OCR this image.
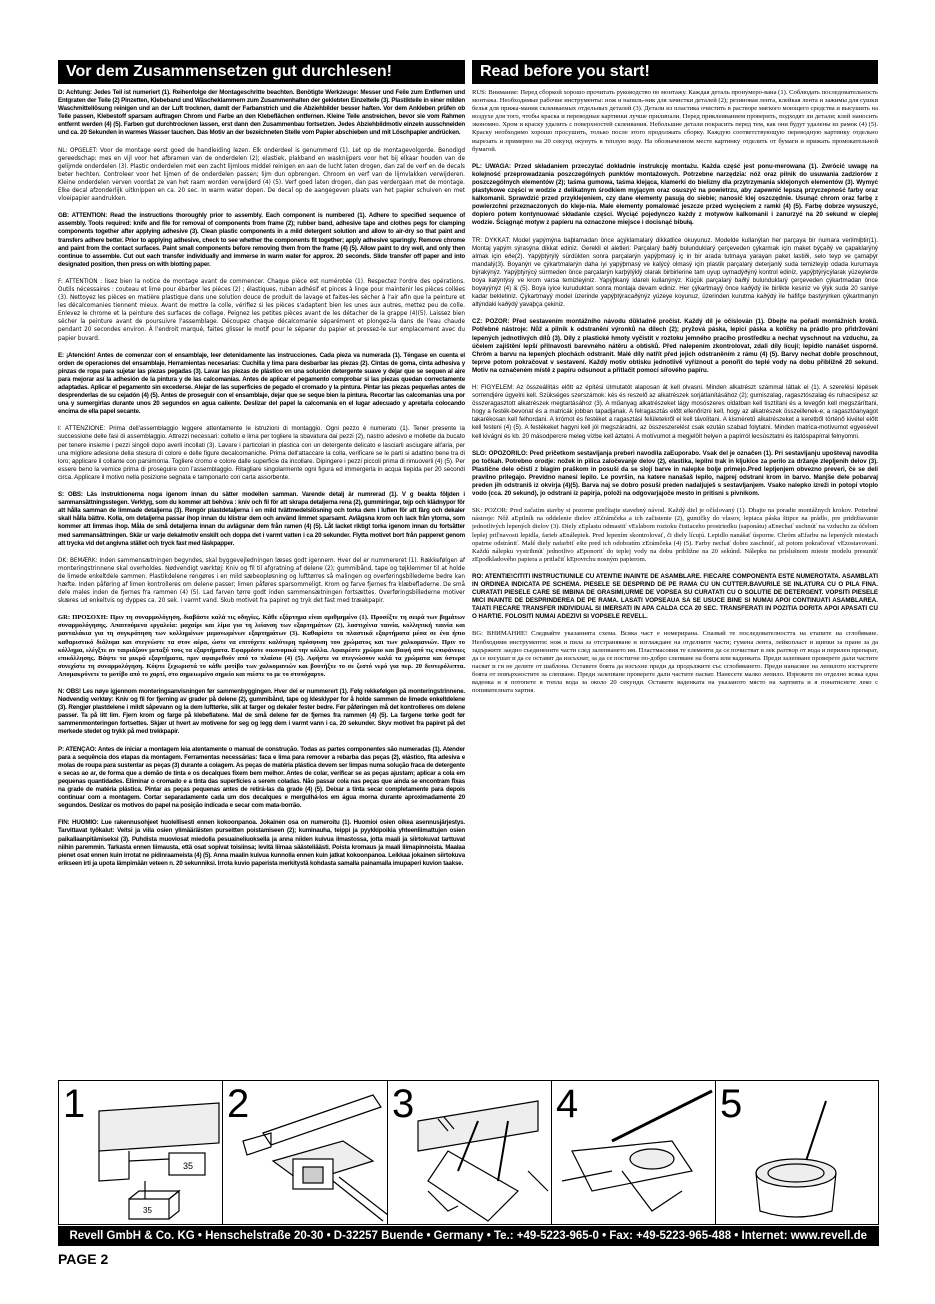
Vor dem Zusammensetzen gut durchlesen!	Read before you start!

D: Achtung: Jedes Teil ist numeriert (1). Reihenfolge der Montageschritte beachten. Benötigte Werkzeuge: Messer und Feile zum Entfernen und Entgraten der Teile (2) Pinzetten, Klebeband und Wäscheklammern zum Zusammenhalten der geklebten Einzelteile (3). Plastikteile in einer milden Waschmittellösung reinigen und an der Luft trocknen, damit der Farbanstrich und die Abziehbilder besser haften. Vor dem Ankleben prüfen ob Teile passen, Klebestoff sparsam auftragen Chrom und Farbe an den Klebeflächen entfernen. Kleine Teile anstreichen, bevor sie vom Rahmen entfernt werden (4) (5). Farben gut durchtrocknen lassen, erst dann den Zusammenbau fortsetzen. Jedes Abziehbildmotiv einzeln ausschneiden und ca. 20 Sekunden in warmes Wasser tauchen. Das Motiv an der bezeichneten Stelle vom Papier abschieben und mit Löschpapier andrücken.

NL: OPGELET: Voor de montage eerst goed de handleiding lezen. Elk onderdeel is genummerd (1). Let op de montagevolgorde. Benodigd gereedschap: mes en vijl voor het afbramen van de onderdelen (2); elastiek, plakband en wasknijpers voor het bij elkaar houden van de gelijmde onderdelen (3). Plastic onderdelen met een zacht lijmloos middel reinigen en aan de lucht laten drogen, dan zal de verf en de decals beter hechten. Controleer voor het lijmen of de onderdelen passen; lijm dun opbrengen. Chroom en verf van de lijmvlakken verwijderen. Kleine onderdelen verven voordat ze van het raam worden verwijderd (4) (5). Verf goed laten drogen, dan pas verdergaan met de montage. Elke decal afzonderlijk uitknippen en ca. 20 sec. in warm water dopen. De decal op de aangegeven plaats van het papier schuiven en met vloeipapier aandrukken.

GB: ATTENTION: Read the instructions thoroughly prior to assembly. Each component is numbered (1). Adhere to specified sequence of assembly. Tools required: knife and file for removal of components from frame (2); rubber band, adhesive tape and clothes pegs for clamping components together after applying adhesive (3). Clean plastic components in a mild detergent solution and allow to air-dry so that paint and transfers adhere better. Prior to applying adhesive, check to see whether the components fit together; apply adhesive sparingly. Remove chrome and paint from the contact surfaces. Paint small components before removing them from the frame (4) (5). Allow paint to dry well, and only then continue to assemble. Cut out each transfer individually and immerse in warm water for approx. 20 seconds. Slide transfer off paper and into designated position, then press on with blotting paper.

F: ATTENTION : lisez bien la notice de montage avant de commencer. Chaque pièce est numérotée (1). Respectez l'ordre des opérations. Outils nécessaires : couteau et lime pour ébarber les pièces (2) ; élastiques, ruban adhésif et pinces à linge pour maintenir les pièces collées (3). Nettoyez les pièces en matière plastique dans une solution douce de produit de lavage et faites-les sécher à l'air afin que la peinture et les décalcomanies tiennent mieux. Avant de mettre la colle, vérifiez si les pièces s'adaptent bien les unes aux autres, mettez peu de colle. Enlevez le chrome et la peinture des surfaces de collage. Peignez les petites pièces avant de les détacher de la grappe (4)(5). Laissez bien sécher la peinture avant de poursuivre l'assemblage. Découpez chaque décalcomanie séparément et plongez-la dans de l'eau chaude pendant 20 secondes environ. À l'endroit marqué, faites glisser le motif pour le séparer du papier et pressez-le sur emplacement avec du papier buvard.

E: ¡Atención! Antes de comenzar con el ensamblaje, leer detenidamente las instrucciones. Cada pieza va numerada (1). Téngase en cuenta el orden de operaciones del ensamblaje. Herramientas necesarias: Cuchilla y lima para desbarbar las piezas (2). Cintas de goma, cinta adhesiva y pinzas de ropa para sujetar las piezas pegadas (3). Lavar las piezas de plástico en una solución detergente suave y dejar que se sequen al aire para mejorar así la adhesión de la pintura y de las calcomanías. Antes de aplicar el pegamento comprobar si las piezas quedan correctamente adaptadas. Aplicar el pegamento sin excederse. Alejar de las superficies de pegado el cromado y la pintura. Pintar las piezas pequeñas antes de desprenderlas de su cejadón (4) (5). Antes de proseguir con el ensamblaje, dejar que se seque bien la pintura. Recortar las calcomanías una por una y sumergirlas durante unos 20 segundos en agua caliente. Deslizar del papel la calcomanía en el lugar adecuado y apretarla colocando encima de ella papel secante.

I: ATTENZIONE: Prima dell'assemblaggio leggere attentamente le istruzioni di montaggio. Ogni pezzo è numerato (1). Tener presente la successione delle fasi di assemblaggio. Attrezzi necessari: coltello e lima per togliere la sbavatura dai pezzi (2), nastro adesivo e mollette da bucato per tenere insieme i pezzi singoli dopo averli incollati (3). Lavare i particolari in plastica con un detergente delicato e lasciarli asciugare all'aria, per una migliore adesione della stesura di colore e delle figure decalcomaniche. Prima dell'attaccare la colla, verificare se le parti si adattino bene tra di loro; applicare il collante con parsimonia. Togliere cromo e colore dalle superficie da incollare. Dipingere i pezzi piccoli prima di rimuoverli (4) (5). Per essere beno la vernice prima di proseguire con l'assemblaggio. Ritagliare singolarmente ogni figura ed immergerla in acqua tiepida per 20 secondi circa. Applicare il motivo nella posizione segnata e tamponarlo con carta assorbente.

S: OBS: Läs instruktionerna noga igenom innan du sätter modellen samman. Varende detalj är numrerad (1). V g beakta följden i sammansättningsstegen. Verktyg, som du kommer att behöva : kniv och fil för att skrapa detaljerna rena (2), gummiringar, tejp och klädnypor för att hålla samman de limmade detaljerna (3). Rengör plastdetaljerna i en mild tvättmedelslösning och torka dem i luften för att färg och dekaler skall hålla bättre. Kolla, om detaljerna passar ihop innan du klistrar dem och använd limmet sparsamt. Avlägsna krom och lack från ytorna, som kommer att limmas ihop. Måla de små detaljerna innan du avlägsnar dem från ramen (4) (5). Låt lacket riktigt torka igenom innan du fortsätter med sammansättningen. Skär ur varje dekalmotiv enskilt och doppa det i varmt vatten i ca 20 sekunder. Flytta motivet bort från papperet genom att trycka vid det angivna stället och tryck fast med läskpapper.

DK: BEMÆRK: Inden sammensætningen begyndes, skal byggevejledningen læses godt igennem. Hver del er nummereret (1). Rækkefølgen af monteringstrinnene skal overholdes. Nødvendigt værktøj: Kniv og fil til afgratning af delene (2); gummibånd, tape og tøjklemmer til at holde de limede enkeltdele sammen. Plastikdelene rengøres i en mild sæbeopløsning og lufttørres så malingen og overføringsbillederne bedre kan hæfte. Inden påføring af limen kontrolleres om delene passer; limen påføres sparsommeligt. Krom og farve fjernes fra klæbefladerne. De små dele males inden de fjernes fra rammen (4) (5). Lad farven tørre godt inden sammensætningen fortsættes. Overføringsbillederne motiver skæres ud enkeltvis og dyppes ca. 20 sek. i varmt vand. Skub motivet fra papiret og tryk det fast med træakpapir.

GR: ΠΡΟΣΟΧΗ: Πριν τη συναρμολόγηση, διαβάστε καλά τις οδηγίες. Κάθε εξάρτημα είναι αριθμημένο (1). Προσέξτε τη σειρά των βημάτων συναρμολόγησης. Απαιτούμενα εργαλεία: μαχαίρι και λίμα για τη λείανση των εξαρτημάτων (2), λαστιχένια ταινία, κολλητική ταινία και μανταλάκια για τη συγκράτηση των κολλημένων μεμονωμένων εξαρτημάτων (3). Καθαρίστε τα πλαστικά εξαρτήματα μέσα σε ένα ήπιο καθαριστικό διάλυμα και στεγνώστε τα στον αέρα, ώστε να επιτύχετε καλύτερη πρόσφυση του χρώματος και των χαλκομανιών. Πριν το κόλλημα, ελέγξτε αν ταιριάζουν μεταξύ τους τα εξαρτήματα. Εφαρμόστε οικονομικά την κόλλα. Αφαιρέστε χρώμιο και βαφή από τις επιφάνειες επικόλλησης. Βάψτε τα μικρά εξαρτήματα, πριν αφαιρεθούν από το πλαίσιο (4) (5). Αφήστε να στεγνώσουν καλά τα χρώματα και ύστερα συνεχίστε τη συναρμολόγηση. Κόψτε ξεχωριστά το κάθε μοτίβο των χαλκομανιών και βουτήξτε το σε ζεστό νερό για περ. 20 δευτερόλεπτα. Απομακρύνετε το μοτίβο από το χαρτί, στο σημειωμένο σημείο και πιέστε το με το στυπόχαρτο.

N: OBS! Les nøye igjennom monteringsanvisningen før sammenbyggingen. Hver del er nummerert (1). Følg rekkefølgen på monteringstrinnene. Nødvendig verktøy: Kniv og fil for fjerning av grader på delene (2), gummibånd, tape og klesklyper for å holde sammen de limede enkeltdelene (3). Rengjør plastdelene i mildt såpevann og la dem lufttørke, slik at farger og dekaler fester bedre. Før påføringen må det kontrolleres om delene passer. Ta på litt lim. Fjern krom og farge på klebeflatene. Mal de små delene før de fjernes fra rammen (4) (5). La fargene tørke godt før sammenmonteringen fortsettes. Skjær ut hvert av motivene for seg og legg dem i varmt vann i ca. 20 sekunder. Skyv motivet fra papiret på det merkede stedet og trykk på med trekkpapir.

P: ATENÇÃO: Antes de iniciar a montagem leia atentamente o manual de construção. Todas as partes componentes são numeradas (1). Atender para a sequência dos etapas da montagem. Ferramentas necessárias: faca e lima para remover a rebarba das peças (2), elástico, fita adesiva e molas de roupa para sustentar as peças (3) durante a colagem. As peças de matéria plástica devem ser limpas numa solução fraca de detergente e secas ao ar, de forma que a demão de tinta e os decalques fixem bem melhor. Antes de colar, verificar se as peças ajustam; aplicar a cola em pequenas quantidades. Eliminar o cromado e a tinta das superfícies a serem coladas. Não passar cola nas peças que ainda se encontram fixas na grade de matéria plástica. Pintar as peças pequenas antes de retirá-las da grade (4) (5). Deixar a tinta secar completamente para depois continuar com a montagem. Cortar separadamente cada um dos decalques e mergulhá-los em água morna durante aproximadamente 20 segundos. Deslizar os motivos do papel na posição indicada e secar com mata-borrão.

FIN: HUOMIO: Lue rakennusohjeet huolellisesti ennen kokoonpanoa. Jokainen osa on numeroitu (1). Huomioi osien oikea asennusjärjestys. Tarvittavat työkalut: Veitsi ja viila osien ylimääräisten purseitten poistamiseen (2); kuminauha, teippi ja pyykkipoikia yhteenliimattujen osien paikallaanpitämiseksi (3). Puhdista muoviosat miedolla pesuaineliuoksella ja anna niiden kuivua ilmastossa, jotta maali ja siirtokuvat tarttuvat niihin paremmin. Tarkasta ennen liimausta, että osat sopivat toisiinsa; levitä liimaa säästeliäästi. Poista kromaus ja maali liimapinnoista. Maalaa pienet osat ennen kuin irrotat ne pidinraameista (4) (5). Anna maalin kuivua kunnolla ennen kuin jatkat kokoonpanoa. Leikkaa jokainen siirtokuva erikseen irti ja upota lämpimään veteen n. 20 sekunniksi. Irrota kuvio paperista merkitystä kohdasta samalla painamalla imupaperi kuvion taakse.

RUS: Внимание: Перед сборкой хорошо прочитать руководство по монтажу. Каждая деталь пронумеро-вана (1). Соблюдать последовательность монтажа. Необходимые рабочие инструменты: нож и напиль-ник для зачистки деталей (2); резиновая лента, клейкая лента и зажимы для сушки белья для прижа-мания склеиваемых отдельных деталей (3). Детали из пластика очистить в растворе мягкого моющего средства и высушить на воздухе для того, чтобы краска и переводные картинки лучше прилипали. Перед приклеиванием проверить, подходят ли детали; клей наносить экономно. Хром и краску удалить с поверхностей склеивания. Небольшие детали покрасить перед тем, как они будут удалены из рамок (4) (5). Краску необходимо хорошо просушить, только после этого продолжать сборку. Каждую соответствующую переводную картинку отдельно вырезать и примерно на 20 секунд окунуть в теплую воду. На обозначенном месте картинку отделить от бумаги и прижать промокательной бумагой.

PL: UWAGA: Przed składaniem przeczytać dokładnie instrukcję montażu. Każda część jest ponu-merowana (1). Zwrócić uwagę na kolejność przeprowadzania poszczególnych punktów montażowych. Potrzebne narzędzia: nóż oraz pilnik do usuwania zadziorów z poszczególnych elementów (2); taśma gumowa, taśma klejąca, klamerki do bielizny dla przytrzymania sklejonych elementów (3). Wymyć plastykowe części w wodzie z delikatnym środkiem myjącym oraz osuszyć na powietrzu, aby zapewnić lepszą przyczepność farby oraz kalkomanii. Sprawdzić przed przyklejeniem, czy dane elementy pasują do siebie; nanosić klej oszczędnie. Usunąć chrom oraz farbę z powierzchni przeznaczonych do kleje-nia. Małe elementy pomalować jeszcze przed wycięciem z ramki (4) (5). Farbę dobrze wysuszyć, dopiero potem kontynuować składanie części. Wyciąć pojedynczo każdy z motywów kalkomanii i zanurzyć na 20 sekund w ciepłej wodzie. Ściągnąć motyw z papieru na oznaczone miejsce i docisnąć bibułą.

TR: DYKKAT: Model yapýmýna baþlamadan önce açýklamalarý dikkatlice okuyunuz. Modelde kullanýlan her parçaya bir numara verilmiþtir(1). Montaj yapým sýrasýna dikkat ediniz. Gerekli el aletleri: Parçalarý baðlý bulunduklarý çerçeveden çýkarmak için maket býçaðý ve çapaklarýný almak için eðe(2). Yapýþtýrýlý sürdükten sonra parçalarýn yapýþmasý iç in bir arada tutmaya yarayan paket lastiði, selo teyp ve çamaþýr mandalý(3). Boyanýn ve çýkartmalarýn daha iyi yapýþmasý ve kalýcý olmasý için plastik parçalarý deterjanlý suda temizleyip odada kurumaya býrakýnýz. Yapýþtýrýcý sürmeden önce parçalarýn karþýlýklý olarak birbirlerine tam uyup uymadýðýný kontrol ediniz, yapýþtýrýcýlarak yüzeylerde boya katýntýsý ve krom varsa temizleyiniz. Yapýþkaný idareli kullanýnýz. Küçük parçalarý baðlý bulunduklarý çerçeveden çýkartmadan önce boyayýnýz (4) & (5). Boya iyice kuruduktan sonra montaja devam ediniz. Her çýkartmayý önce kaðýdý ile birlikte kesiniz ve ýlýk suda 20 saniye kadar bekletiniz. Çýkartmayý model üzerinde yapýþtýracaðýnýz yüzeye koyunuz, üzerinden kurutma kaðýdý ile hafifçe bastýrýrken çýkartmanýn altýndaki kaðýdý yavaþça çekiniz.

CZ: POZOR: Před sestavením montážního návodu důkladně pročíst. Každý díl je očíslován (1). Dbejte na pořadí montážních kroků. Potřebné nástroje: Nůž a pilník k odstranění výronků na dílech (2); pryžová páska, lepicí páska a kolíčky na prádlo pro přidržování lepených jednotlivých dílů (3). Díly z plastické hmoty vyčistit v roztoku jemného pracího prostředku a nechat vyschnout na vzduchu, za účelem zajištění lepší přilnavosti barevného nátěru a obtisků. Před nalepením zkontrolovat, zdali díly lícují; lepidlo nanášet úsporně. Chróm a barvu na lepených plochách odstranit. Malé díly natřít před jejich odstraněním z rámu (4) (5). Barvy nechat dobře proschnout, teprve potom pokračovat v sestavení. Každý motiv obtisku jednotlivě vyříznout a ponořit do teplé vody na dobu přibližně 20 sekund. Motiv na označeném místě z papíru odsunout a přitlačit pomocí sířového papíru.

H: FIGYELEM: Az összeállítás előtt az építési útmutatót alaposan át kell olvasni. Minden alkatrészt számmal láttak el (1). A szerelési lépések sorrendjére ügyelni kell. Szükséges szerszámok: kés és reszelő az alkatrészek sorjátlanításához (2); gumiszalag, ragasztószalag és ruhacsipesz az összeragasztott alkatrészek megtartásához (3). A műanyag alkatrészeket lágy mosószeres oldatban kell tisztítani és a levegőn kell megszáríttani, hogy a festék-bevonat és a matricák jobban tapadjanak. A felragasztás előtt ellenőrizni kell, hogy az alkatrészek összeillenek-e; a ragasztóanyagot takarékosan kell felhordani. A krómot és festéket a ragasztási felületekről el kell távolítani. A kisméretű alkatrészeket a keretből történő kivétel előtt kell festeni (4) (5). A festékeket hagyni kell jól megszáradni, az összeszerelést csak ezután szabad folytatni. Minden matrica-motívumot egyesével kell kivágni és kb. 20 másodpercre meleg vízbe kell áztatni. A motívumot a megjelölt helyen a papírról lecsúsztatni és itatóspapírral felnyomni.

SLO: OPOZORILO: Pred pričetkom sestavljanja preberi navodila zaEuporabo. Vsak del je označen (1). Pri sestavljanju upoštevaj navodila po točkah. Potrebno orodje: nožek in pilica zaločevanje delov (2), elastika, lepilni trak in kljukice za perilo za držanje zlepljenih delov (3). Plastične dele očisti z blagim praškom in posuši da se slojí barve in nalepke bolje primejo.Pred lepljenjem obvezno preveri, če se deli pravilno prilegajo. Previdno nanesi lepilo. Le površin, na katere nanašaš lepilo, najprej odstrani krom in barvo. Manjše dele pobarvaj preden jih odstraniš iz okvirja (4)(5). Barva naj se dobro posuši preden nadaljuješ s sestavljanjem. Vsako nalepko izreži in potopi vtoplo vodo (cca. 20 sekund), jo odstrani iz papirja, položi na odgovarjajoče mesto in pritisni s pivnikom.

SK: POZOR: Pred začatím stavby si pozorne prečítajte stavebný návod. Každý diel je očíslovaný (1). Dbajte na poradie montážnych krokov. Potrebné nástroje: Nôž aEpilník na oddelenie dielov zEčrámčeka a ich začistenie (2), gumičky do vlasov, lepiaca páska štipce na prádlo, pre pridržiavanie jednotlivých lepených dielov (3). Diely zEplastu odmastiť vEslabom roztoku čistiaceho prostriedku (saponátu) aEnechať uschnúť na vzduchu za účelom lepšej priľnavosti lepidla, farieb aEnálepiek. Pred lepením skontrolovať, či diely lícujú. Lepidlo nanášať úsporne. Chróm aEfarbu na lepených miestach opatrne odstrániť. Malé diely nafarbiť ešte pred ich odobratím zErámčeka (4) (5). Farby nechať dobre zaschnúť, až potom pokračovať vEzostavovaní. Každú nálepku vystrihnúť jednotlivo aEponoriť do teplej vody na dobu približne na 20 sekúnd. Nálepku na príslušnom mieste modelu presunúť zEpodkladového papiera a pritlačiť kEpovrchu nosným papierom.

RO: ATENTIE!CITITI INSTRUCTIUNILE CU ATENTIE INAINTE DE ASAMBLARE. FIECARE COMPONENTA ESTE NUMEROTATA. ASAMBLATI IN ORDINEA INDICATA PE SCHEMA. PIESELE SE DESPRIND DE PE RAMA CU UN CUTTER.BAVURILE SE INLATURA CU O PILA FINA. CURATATI PIESELE CARE SE IMBINA DE GRASIMI,URME DE VOPSEA SU CURATATI CU O SOLUTIE DE DETERGENT. VOPSITI PIESELE MICI INAINTE DE DESPRINDEREA DE PE RAMA. LASATI VOPSEAUA SA SE USUCE BINE SI NUMAI APOI CONTINUATI ASAMBLAREA. TAIATI FIECARE TRANSFER INDIVIDUAL SI IMERSATI IN APA CALDA CCA 20 SEC. TRANSFERATI IN POZITIA DORITA APOI APASATI CU O HARTIE. FOLOSITI NUMAI ADEZIVI SI VOPSELE REVELL.

BG: ВНИМАНИЕ! Следвайте указанията схема. Всяка част е номерирана. Спазвай те последователността на етапите на сглобяване. Необходими инструменти: нож и пила за отстраняване и изглаждане на отделните части; гумена лента, лейкопласт и щипки за пране за да задържите заедно съединените части след залепването им. Пластмасовия те елементи да се почистват в лек разтвор от вода и перилен препарат, да се изсушат и да се оставят да изсъхнат, за да се постигне по-добро слепване на боята или ваденката. Преди залепване проверете дали частите пасват и ги не делите от шаблона. Оставете боята да изсъхне преди да продължите със сглобяването. Преди нанасяне на лепилото изстъргете боята от повърхностите за слепване. Преди залепване проверете дали частите пасват. Нанесете малко лепило. Изрежете по отделно всяка една ваденка и я потопете в топла вода за около 20 секунди. Оставете ваденката на указаното място на хартията и я понатиснете леко с попивателната хартия.

35
35
1	2	3	4	5
Revell GmbH & Co. KG • Henschelstraße 20-30 • D-32257 Buende • Germany • Te.: +49-5223-965-0 • Fax: +49-5223-965-488 • Internet: www.revell.de
PAGE 2
